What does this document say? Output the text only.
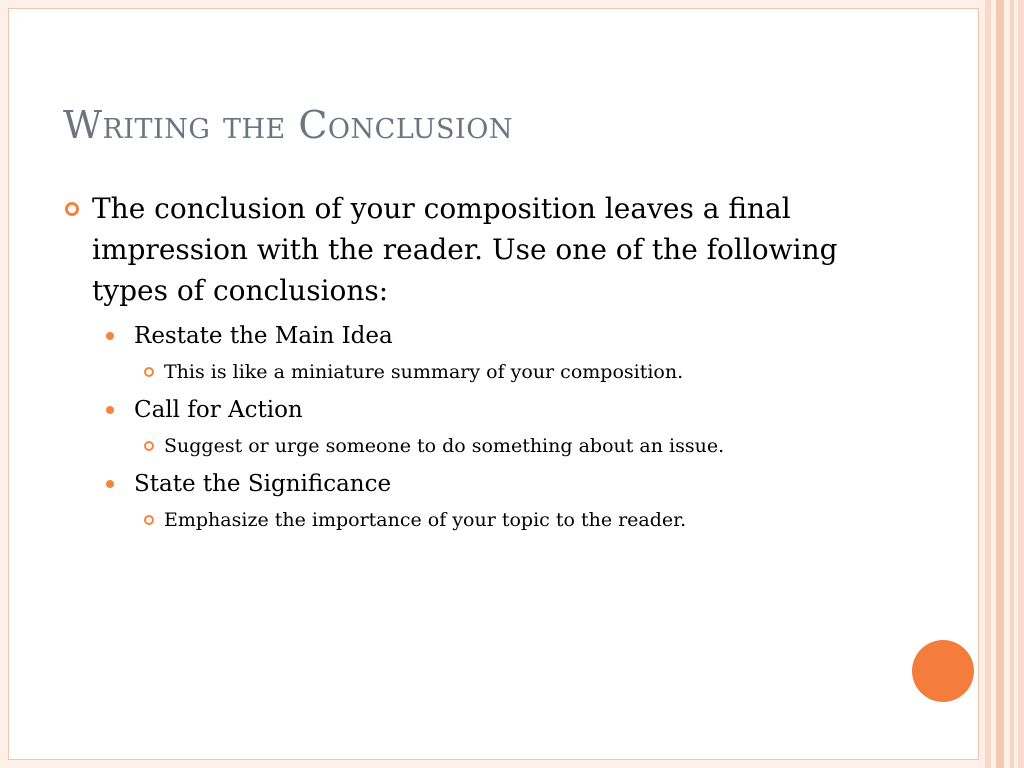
Writing the Conclusion

The conclusion of your composition leaves a final impression with the reader. Use one of the following types of conclusions:

Restate the Main Idea

This is like a miniature summary of your composition.

Call for Action

Suggest or urge someone to do something about an issue.

State the Significance

Emphasize the importance of your topic to the reader.
